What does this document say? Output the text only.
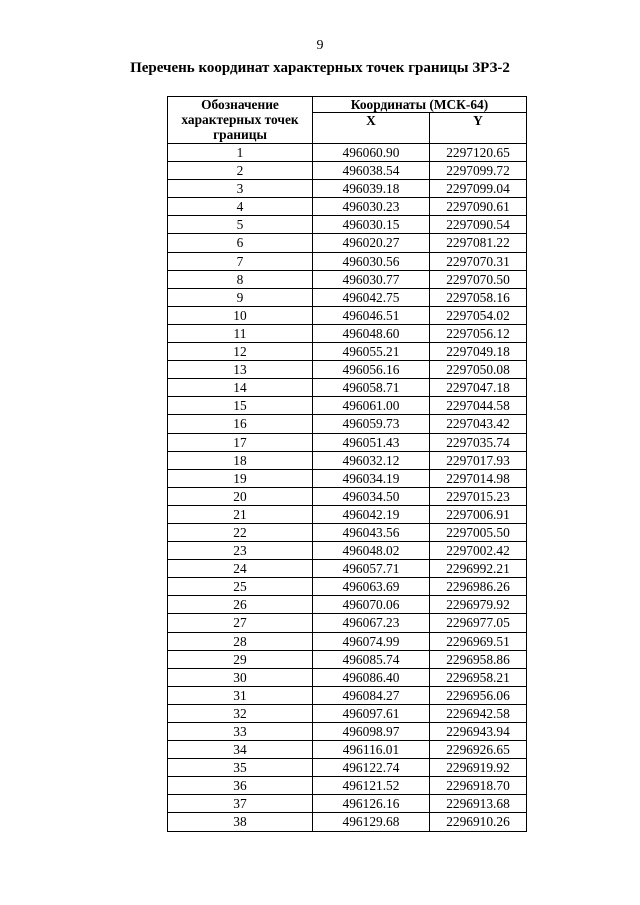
9
Перечень координат характерных точек границы ЗРЗ-2
Обозначение характерных точек границы	Координаты (МСК-64)	
	X	Y
1	496060.90	2297120.65
2	496038.54	2297099.72
3	496039.18	2297099.04
4	496030.23	2297090.61
5	496030.15	2297090.54
6	496020.27	2297081.22
7	496030.56	2297070.31
8	496030.77	2297070.50
9	496042.75	2297058.16
10	496046.51	2297054.02
11	496048.60	2297056.12
12	496055.21	2297049.18
13	496056.16	2297050.08
14	496058.71	2297047.18
15	496061.00	2297044.58
16	496059.73	2297043.42
17	496051.43	2297035.74
18	496032.12	2297017.93
19	496034.19	2297014.98
20	496034.50	2297015.23
21	496042.19	2297006.91
22	496043.56	2297005.50
23	496048.02	2297002.42
24	496057.71	2296992.21
25	496063.69	2296986.26
26	496070.06	2296979.92
27	496067.23	2296977.05
28	496074.99	2296969.51
29	496085.74	2296958.86
30	496086.40	2296958.21
31	496084.27	2296956.06
32	496097.61	2296942.58
33	496098.97	2296943.94
34	496116.01	2296926.65
35	496122.74	2296919.92
36	496121.52	2296918.70
37	496126.16	2296913.68
38	496129.68	2296910.26
